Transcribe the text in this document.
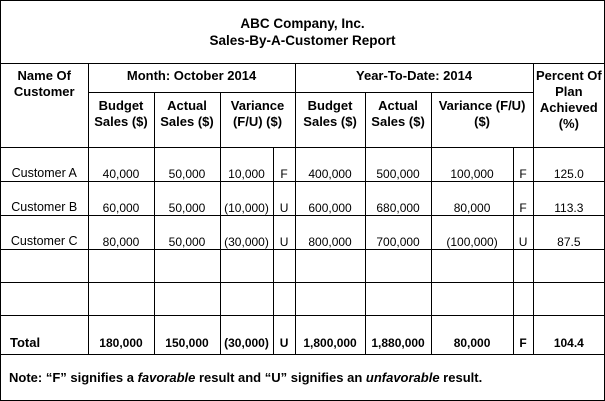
ABC Company, Inc.
Sales-By-A-Customer Report
Name Of Customer	Month: October 2014				Year-To-Date: 2014				Percent Of Plan Achieved (%)
	Budget Sales ($)	Actual Sales ($)	Variance (F/U) ($)		Budget Sales ($)	Actual Sales ($)	Variance (F/U) ($)		
Customer A	40,000	50,000	10,000	F	400,000	500,000	100,000	F	125.0
Customer B	60,000	50,000	(10,000)	U	600,000	680,000	80,000	F	113.3
Customer C	80,000	50,000	(30,000)	U	800,000	700,000	(100,000)	U	87.5

Total	180,000	150,000	(30,000)	U	1,800,000	1,880,000	80,000	F	104.4
Note: “F” signifies a favorable result and “U” signifies an unfavorable result.
